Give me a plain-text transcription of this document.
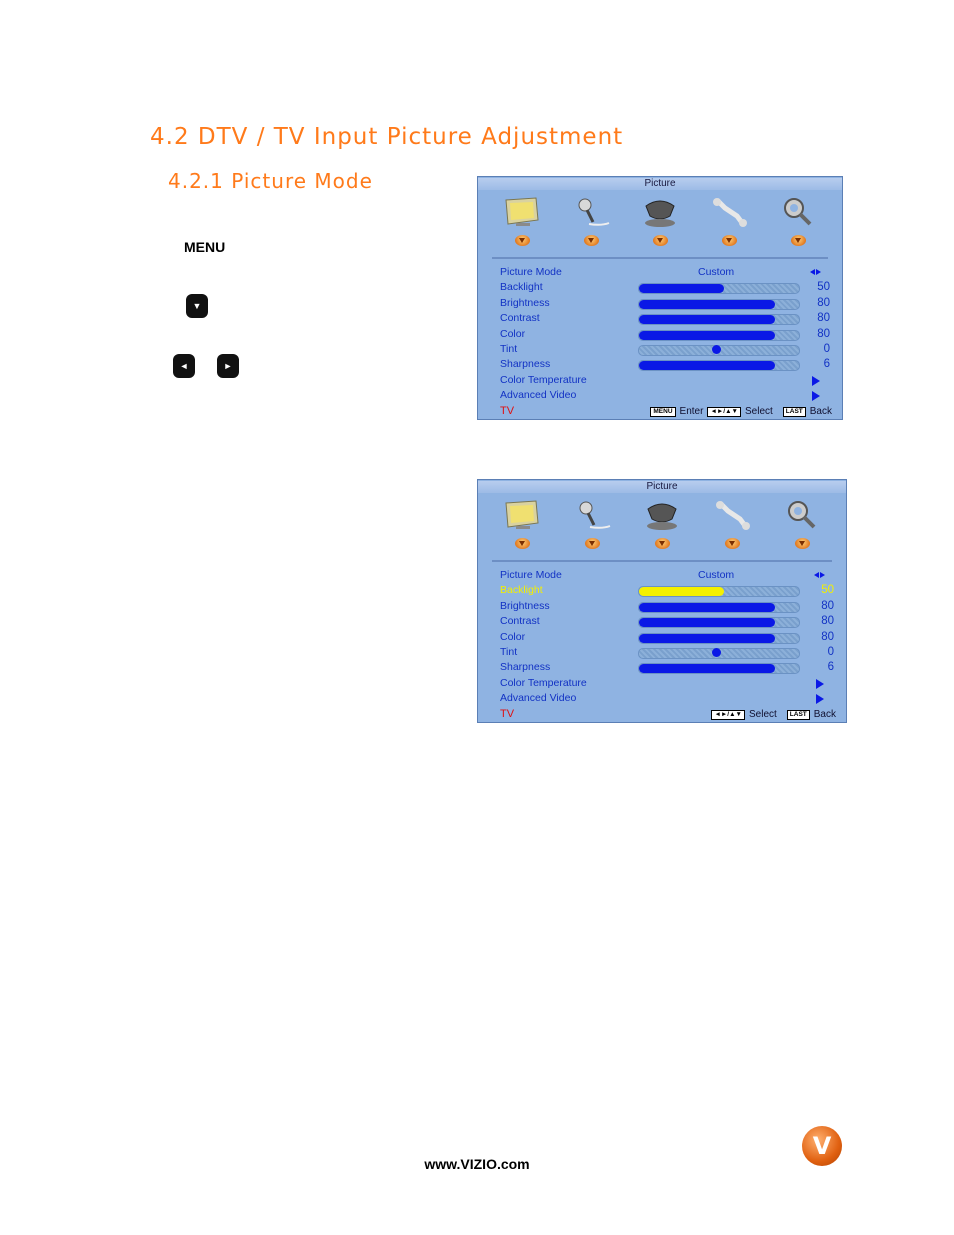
4.2 DTV / TV Input Picture Adjustment
4.2.1 Picture Mode
MENU
▼
◄	►
Picture
Picture Mode	Custom
Backlight	50
Brightness	80
Contrast	80
Color	80
Tint	0
Sharpness	6
Color Temperature
Advanced Video
TV	MENU Enter	◄►/▲▼ Select	LAST Back
Picture
Picture Mode	Custom
Backlight	50
Brightness	80
Contrast	80
Color	80
Tint	0
Sharpness	6
Color Temperature
Advanced Video
TV	◄►/▲▼ Select	LAST Back
www.VIZIO.com
V
